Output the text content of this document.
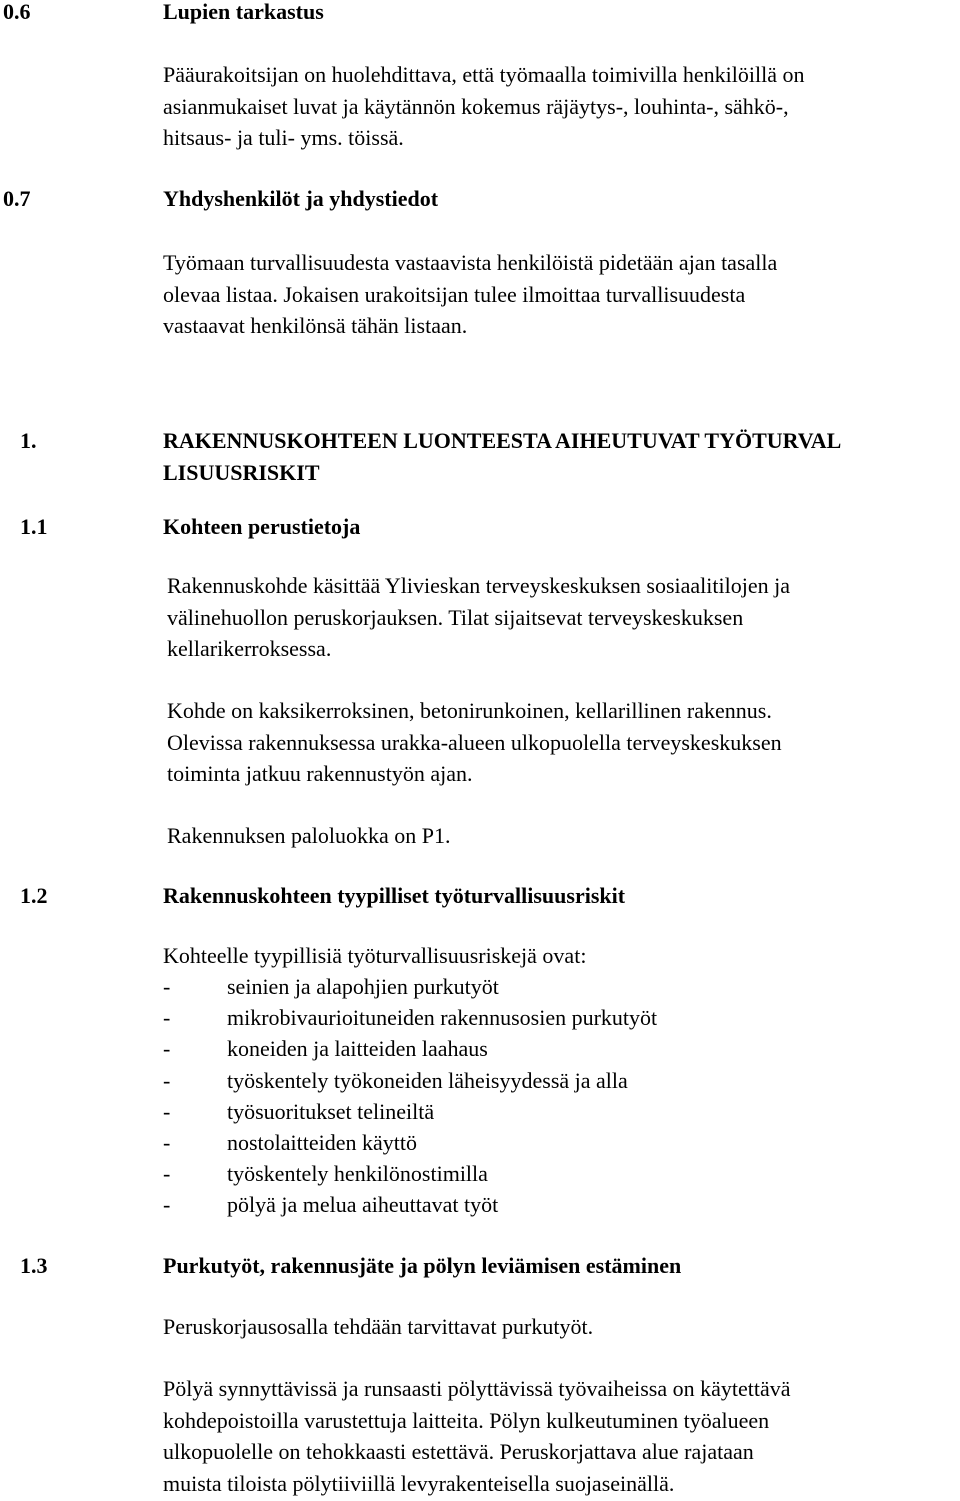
0.6	Lupien tarkastus
Pääurakoitsijan on huolehdittava, että työmaalla toimivilla henkilöillä on
asianmukaiset luvat ja käytännön kokemus räjäytys-, louhinta-, sähkö-,
hitsaus- ja tuli- yms. töissä.
0.7	Yhdyshenkilöt ja yhdystiedot
Työmaan turvallisuudesta vastaavista henkilöistä pidetään ajan tasalla
olevaa listaa. Jokaisen urakoitsijan tulee ilmoittaa turvallisuudesta
vastaavat henkilönsä tähän listaan.
1.	RAKENNUSKOHTEEN LUONTEESTA AIHEUTUVAT TYÖTURVAL
LISUUSRISKIT
1.1	Kohteen perustietoja
Rakennuskohde käsittää Ylivieskan terveyskeskuksen sosiaalitilojen ja
välinehuollon peruskorjauksen. Tilat sijaitsevat terveyskeskuksen
kellarikerroksessa.
Kohde on kaksikerroksinen, betonirunkoinen, kellarillinen rakennus.
Olevissa rakennuksessa urakka-alueen ulkopuolella terveyskeskuksen
toiminta jatkuu rakennustyön ajan.
Rakennuksen paloluokka on P1.
1.2	Rakennuskohteen tyypilliset työturvallisuusriskit
Kohteelle tyypillisiä työturvallisuusriskejä ovat:
-	seinien ja alapohjien purkutyöt
-	mikrobivaurioituneiden rakennusosien purkutyöt
-	koneiden ja laitteiden laahaus
-	työskentely työkoneiden läheisyydessä ja alla
-	työsuoritukset telineiltä
-	nostolaitteiden käyttö
-	työskentely henkilönostimilla
-	pölyä ja melua aiheuttavat työt
1.3	Purkutyöt, rakennusjäte ja pölyn leviämisen estäminen
Peruskorjausosalla tehdään tarvittavat purkutyöt.
Pölyä synnyttävissä ja runsaasti pölyttävissä työvaiheissa on käytettävä
kohdepoistoilla varustettuja laitteita. Pölyn kulkeutuminen työalueen
ulkopuolelle on tehokkaasti estettävä. Peruskorjattava alue rajataan
muista tiloista pölytiiviillä levyrakenteisella suojaseinällä.
